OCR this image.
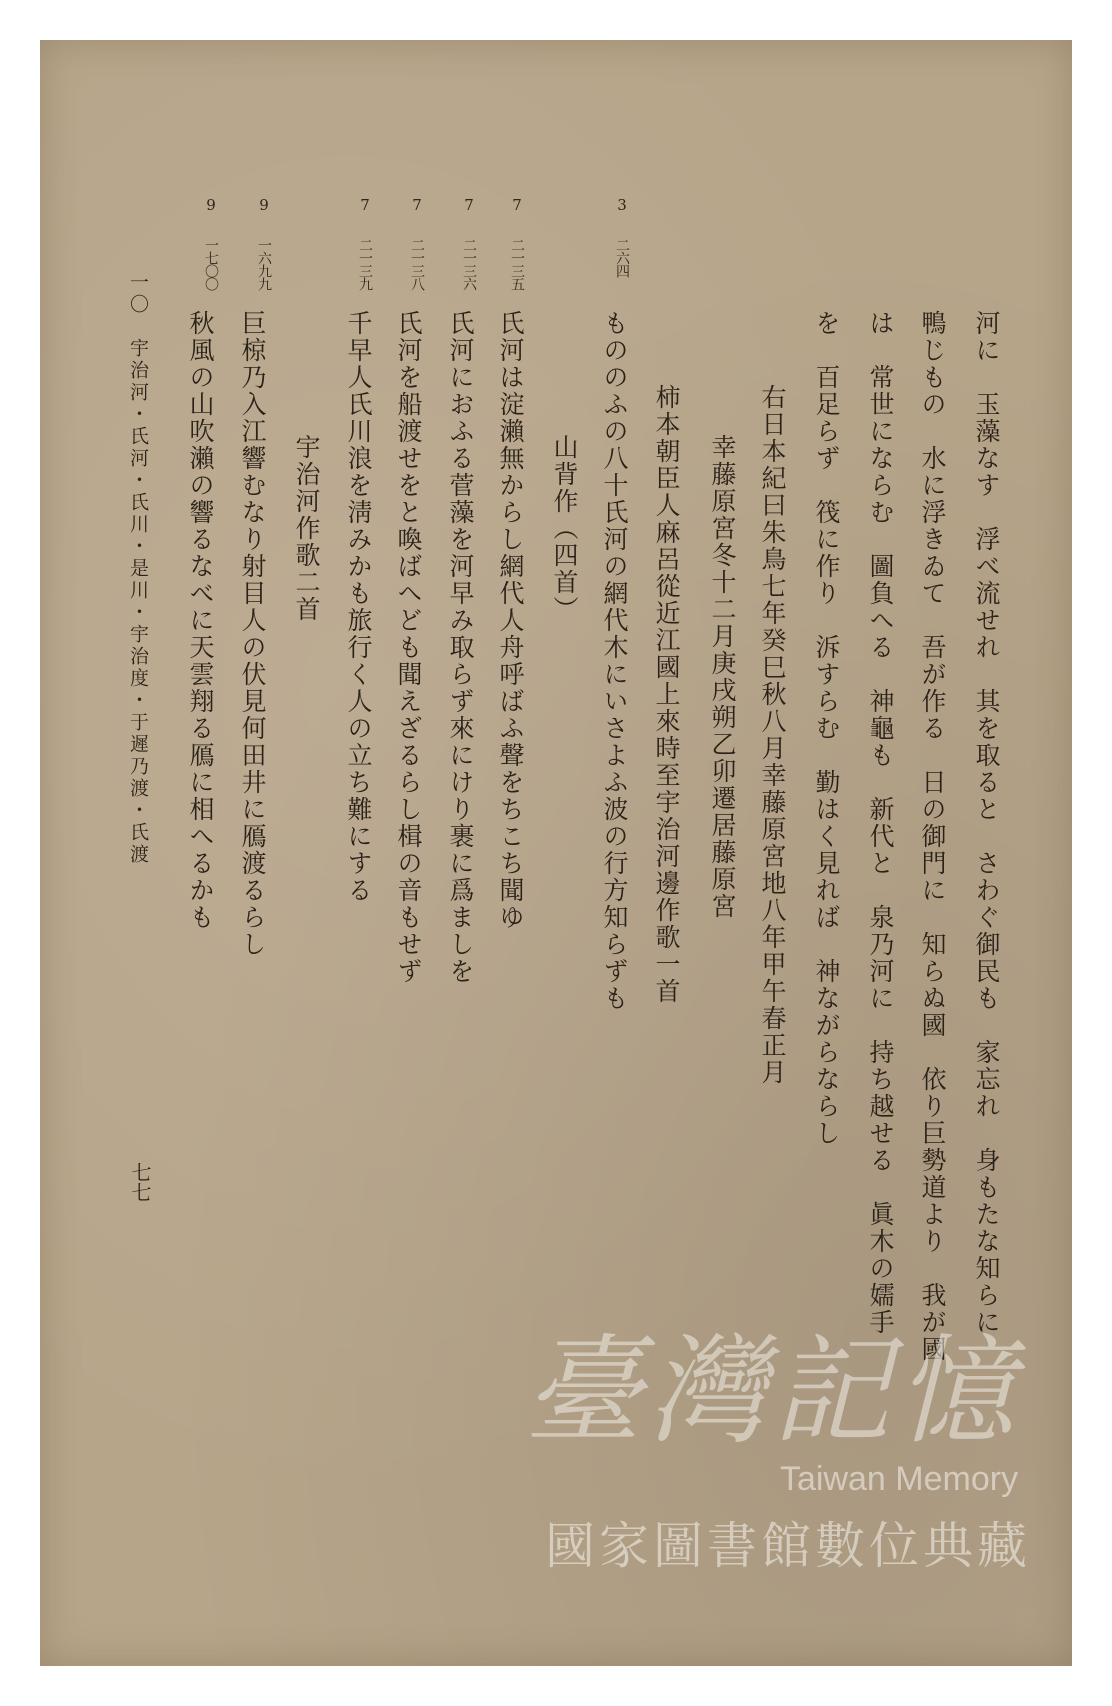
河に　玉藻なす　浮べ流せれ　其を取ると　さわぐ御民も　家忘れ　身もたな知らに
鴨じもの　水に浮きゐて　吾が作る　日の御門に　知らぬ國　依り巨勢道より　我が國
は　常世にならむ　圖負へる　神龜も　新代と　泉乃河に　持ち越せる　眞木の嬬手
を　百足らず　筏に作り　泝すらむ　勤はく見れば　神ながらならし
右日本紀曰朱鳥七年癸巳秋八月幸藤原宮地八年甲午春正月
幸藤原宮冬十二月庚戌朔乙卯遷居藤原宮
柿本朝臣人麻呂從近江國上來時至宇治河邊作歌一首
3
二六四
もののふの八十氏河の網代木にいさよふ波の行方知らずも
山背作（四首）
7
二一三五
氏河は淀瀨無からし網代人舟呼ばふ聲をちこち聞ゆ
7
二一三六
氏河におふる菅藻を河早み取らず來にけり裹に爲ましを
7
二一三八
氏河を船渡せをと喚ばへども聞えざるらし楫の音もせず
7
二一三九
千早人氏川浪を淸みかも旅行く人の立ち難にする
宇治河作歌二首
9
一六九九
巨椋乃入江響むなり射目人の伏見何田井に鴈渡るらし
9
一七〇〇
秋風の山吹瀨の響るなべに天雲翔る鴈に相へるかも
一〇　宇治河・氏河・氏川・是川・宇治度・于遲乃渡・氏渡
七七
臺灣記憶
Taiwan Memory
國家圖書館數位典藏
